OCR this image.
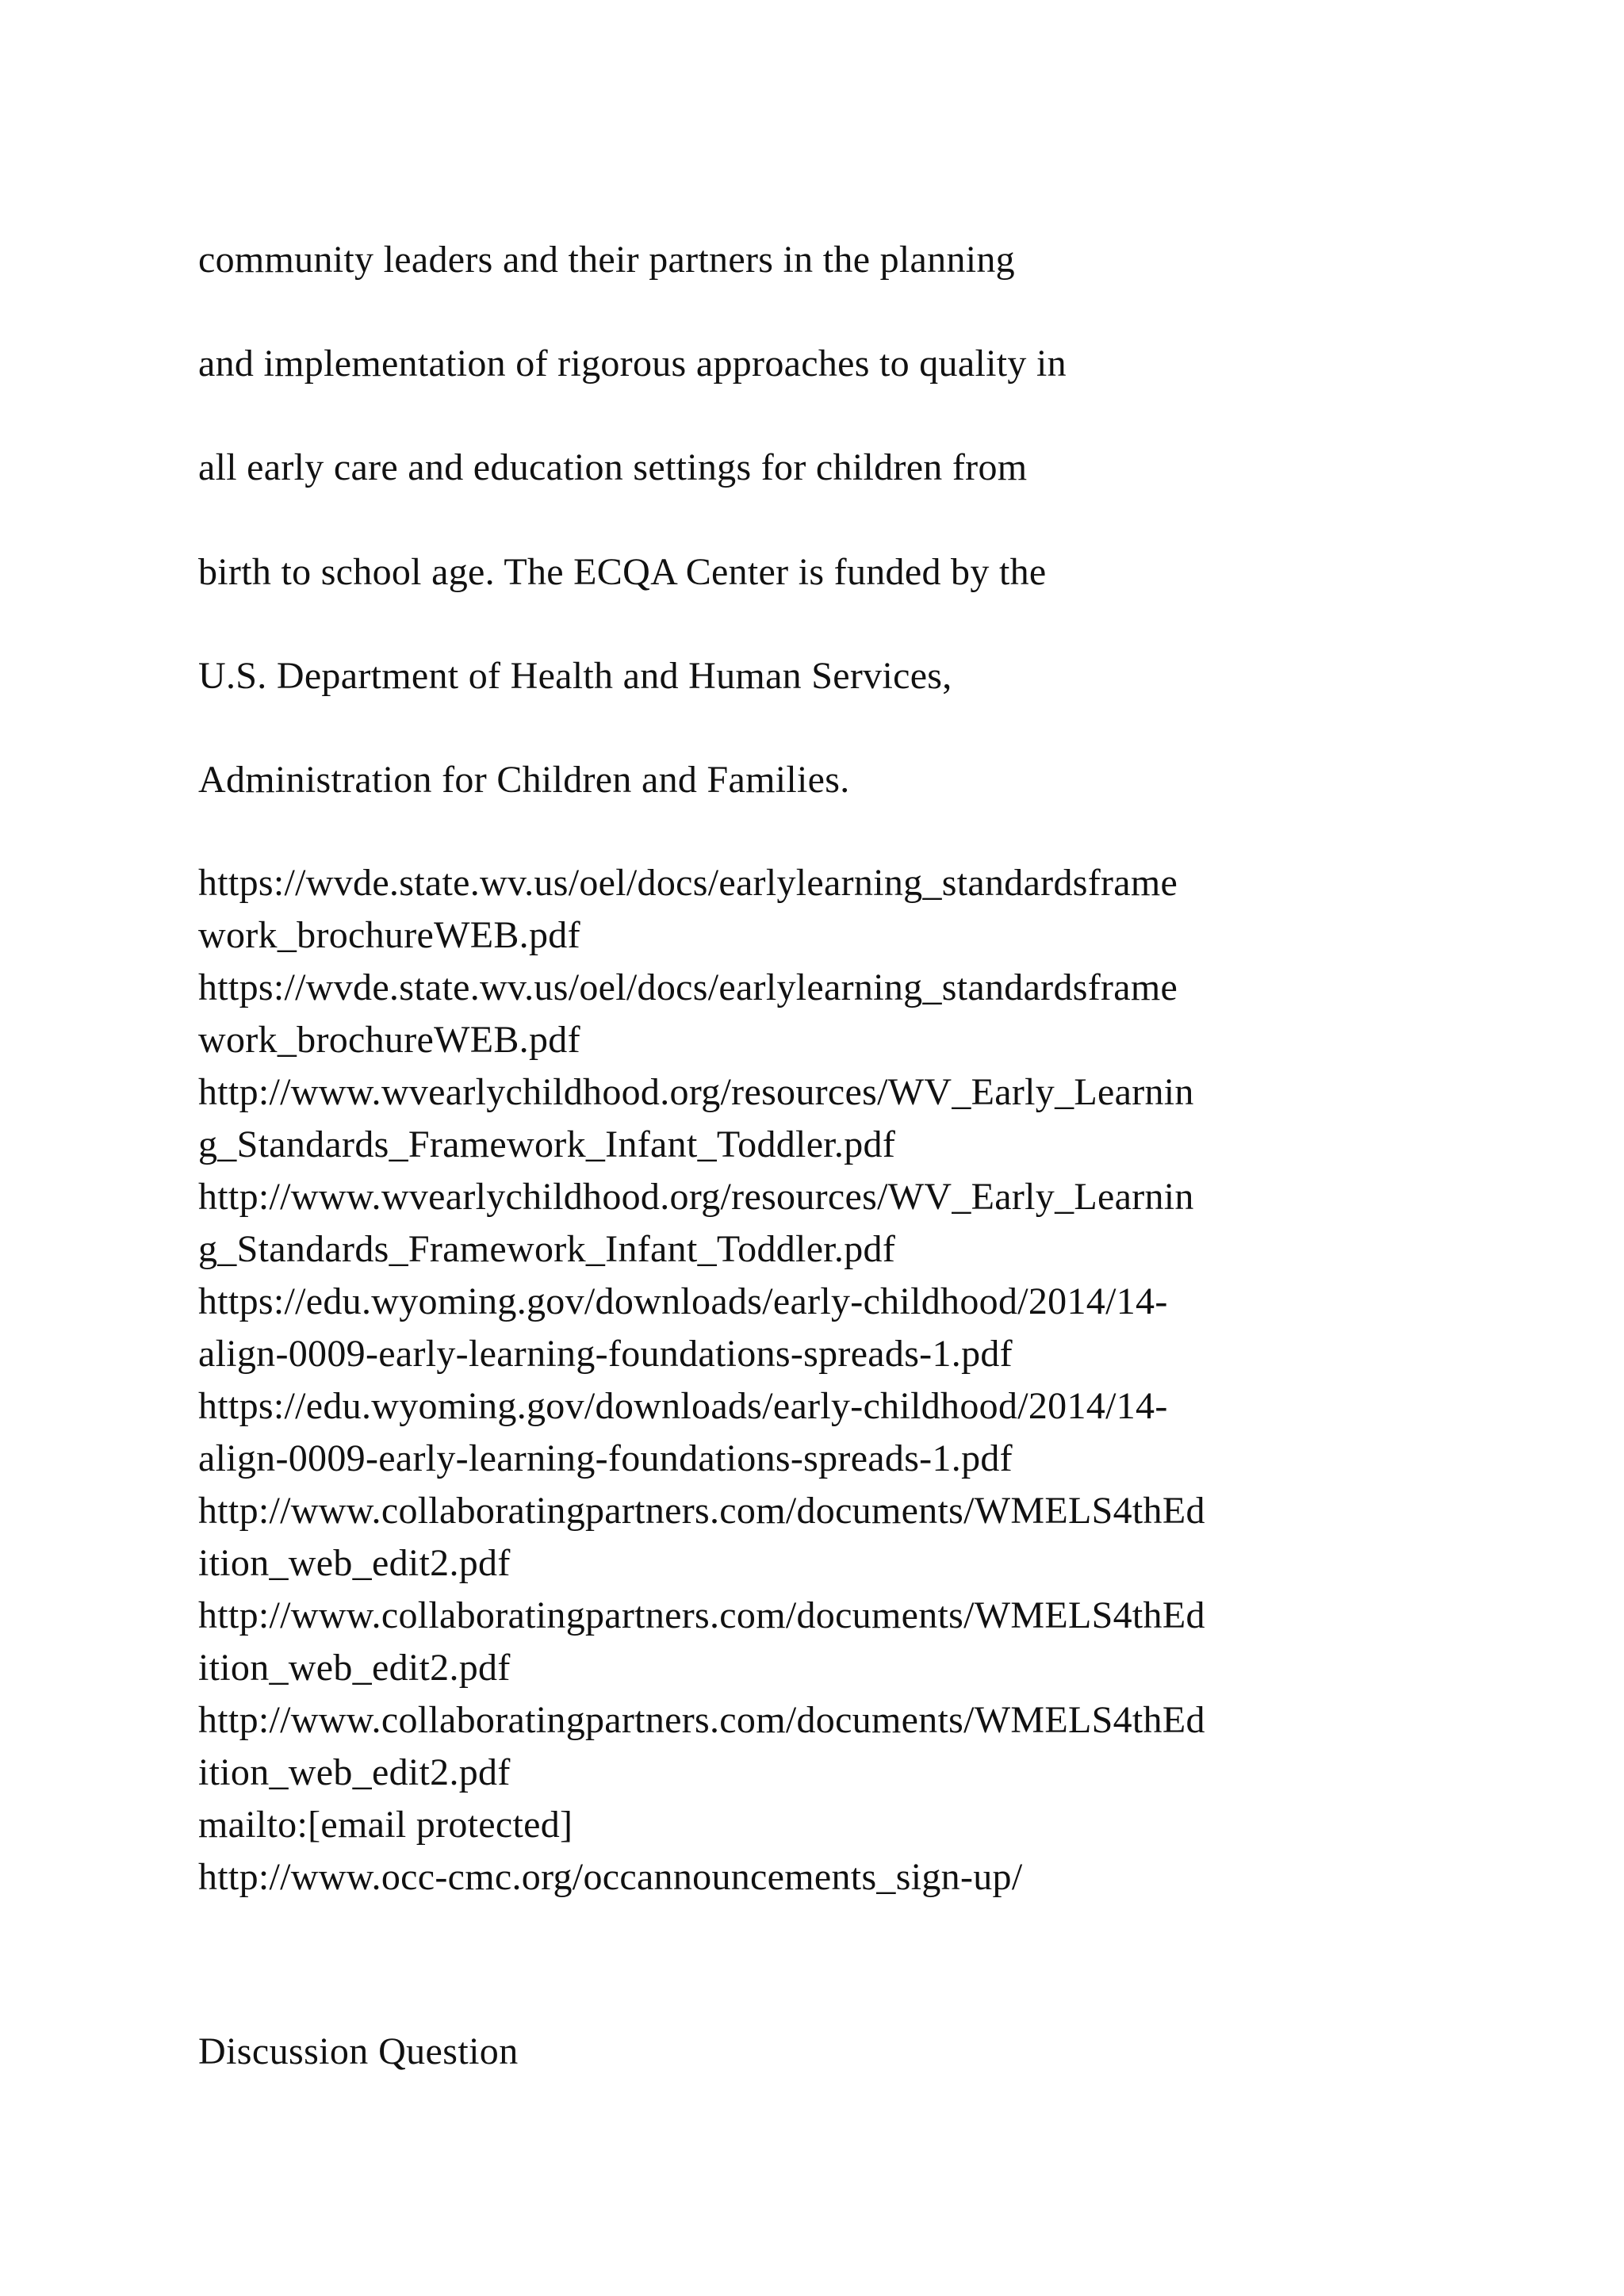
community leaders and their partners in the planning

and implementation of rigorous approaches to quality in

all early care and education settings for children from

birth to school age. The ECQA Center is funded by the

U.S. Department of Health and Human Services,

Administration for Children and Families.

https://wvde.state.wv.us/oel/docs/earlylearning_standardsframe
work_brochureWEB.pdf
https://wvde.state.wv.us/oel/docs/earlylearning_standardsframe
work_brochureWEB.pdf
http://www.wvearlychildhood.org/resources/WV_Early_Learnin
g_Standards_Framework_Infant_Toddler.pdf
http://www.wvearlychildhood.org/resources/WV_Early_Learnin
g_Standards_Framework_Infant_Toddler.pdf
https://edu.wyoming.gov/downloads/early-childhood/2014/14-
align-0009-early-learning-foundations-spreads-1.pdf
https://edu.wyoming.gov/downloads/early-childhood/2014/14-
align-0009-early-learning-foundations-spreads-1.pdf
http://www.collaboratingpartners.com/documents/WMELS4thEd
ition_web_edit2.pdf
http://www.collaboratingpartners.com/documents/WMELS4thEd
ition_web_edit2.pdf
http://www.collaboratingpartners.com/documents/WMELS4thEd
ition_web_edit2.pdf
mailto:[email protected]
http://www.occ-cmc.org/occannouncements_sign-up/

Discussion Question
